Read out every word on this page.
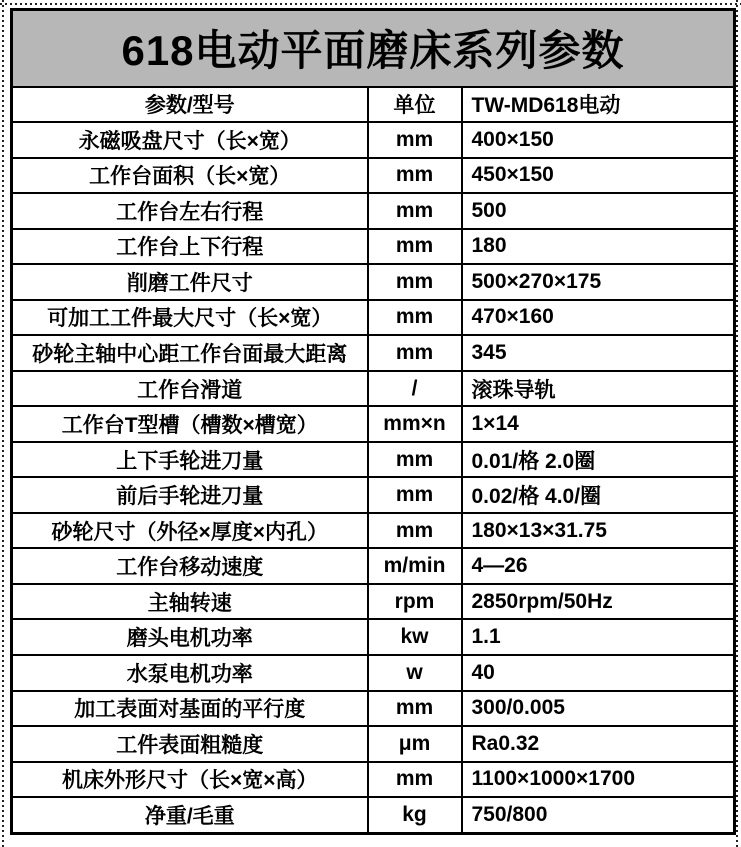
618电动平面磨床系列参数		
参数/型号	单位	TW-MD618电动
永磁吸盘尺寸（长×宽）	mm	400×150
工作台面积（长×宽）	mm	450×150
工作台左右行程	mm	500
工作台上下行程	mm	180
削磨工件尺寸	mm	500×270×175
可加工工件最大尺寸（长×宽）	mm	470×160
砂轮主轴中心距工作台面最大距离	mm	345
工作台滑道	/	滚珠导轨
工作台T型槽（槽数×槽宽）	mm×n	1×14
上下手轮进刀量	mm	0.01/格 2.0圈
前后手轮进刀量	mm	0.02/格 4.0/圈
砂轮尺寸（外径×厚度×内孔）	mm	180×13×31.75
工作台移动速度	m/min	4—26
主轴转速	rpm	2850rpm/50Hz
磨头电机功率	kw	1.1
水泵电机功率	w	40
加工表面对基面的平行度	mm	300/0.005
工件表面粗糙度	μm	Ra0.32
机床外形尺寸（长×宽×高）	mm	1100×1000×1700
净重/毛重	kg	750/800
